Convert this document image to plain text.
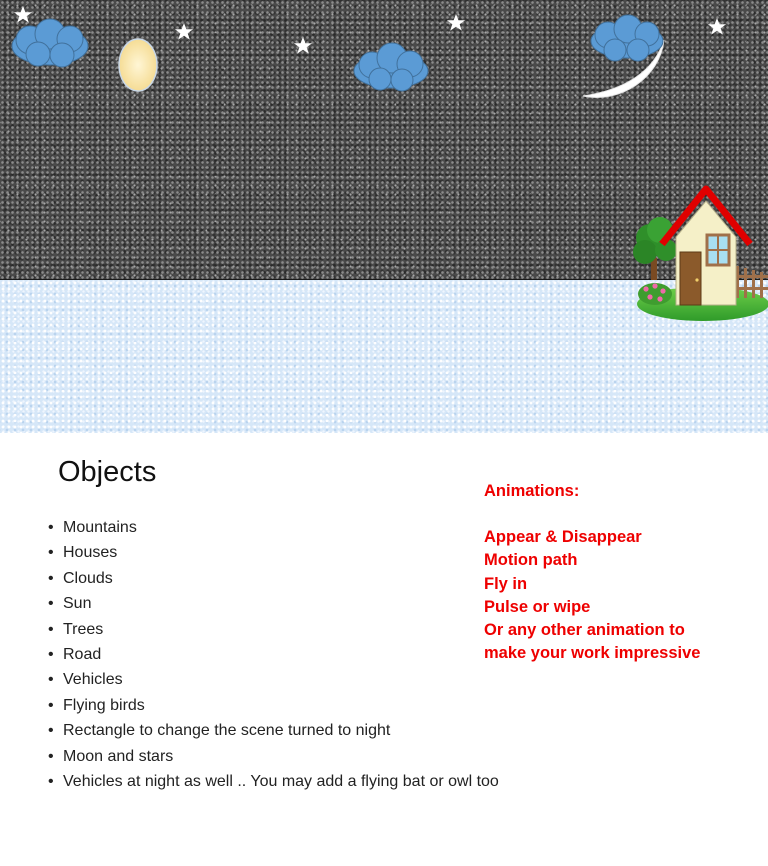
Objects
• Mountains
• Houses
• Clouds
• Sun
• Trees
• Road
• Vehicles
• Flying birds
• Rectangle to change the scene turned to night
• Moon and stars
• Vehicles at night as well .. You may add a flying bat or owl too
Animations:
Appear & Disappear
Motion path
Fly in
Pulse or wipe
Or any other animation to make your work impressive
